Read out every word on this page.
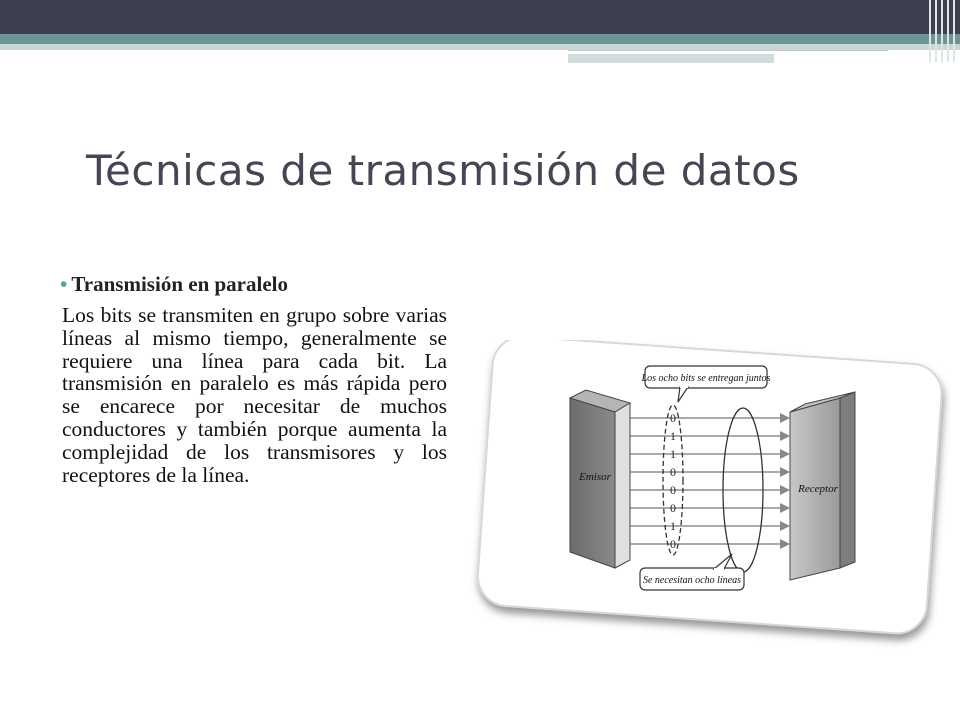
Técnicas de transmisión de datos
• Transmisión en paralelo
Los bits se transmiten en grupo sobre varias líneas al mismo tiempo, generalmente se requiere una línea para cada bit. La transmisión en paralelo es más rápida pero se encarece por necesitar de muchos conductores y también porque aumenta la complejidad de los transmisores y los receptores de la línea.	Emisor
Receptor
0
1
1
0
0
0
1
0
Los ocho bits se entregan juntos
Se necesitan ocho líneas
